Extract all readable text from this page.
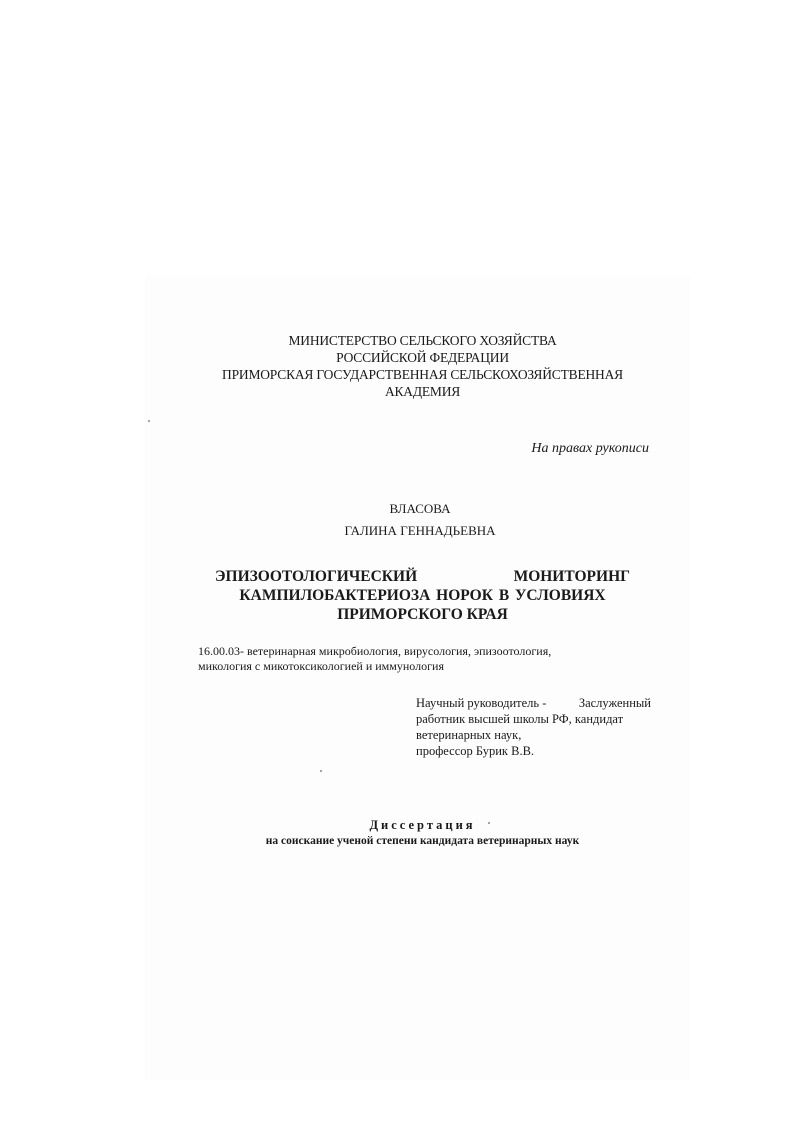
МИНИСТЕРСТВО СЕЛЬСКОГО ХОЗЯЙСТВА
РОССИЙСКОЙ ФЕДЕРАЦИИ
ПРИМОРСКАЯ ГОСУДАРСТВЕННАЯ СЕЛЬСКОХОЗЯЙСТВЕННАЯ
АКАДЕМИЯ
На правах рукописи
ВЛАСОВА
ГАЛИНА ГЕННАДЬЕВНА
ЭПИЗООТОЛОГИЧЕСКИЙ	МОНИТОРИНГ
КАМПИЛОБАКТЕРИОЗА НОРОК В УСЛОВИЯХ
ПРИМОРСКОГО КРАЯ
16.00.03- ветеринарная микробиология, вирусология, эпизоотология,
микология с микотоксикологией и иммунология
Научный руководитель -	Заслуженный
работник высшей школы РФ, кандидат
ветеринарных наук,
профессор Бурик В.В.
Диссертация
на соискание ученой степени кандидата ветеринарных наук
